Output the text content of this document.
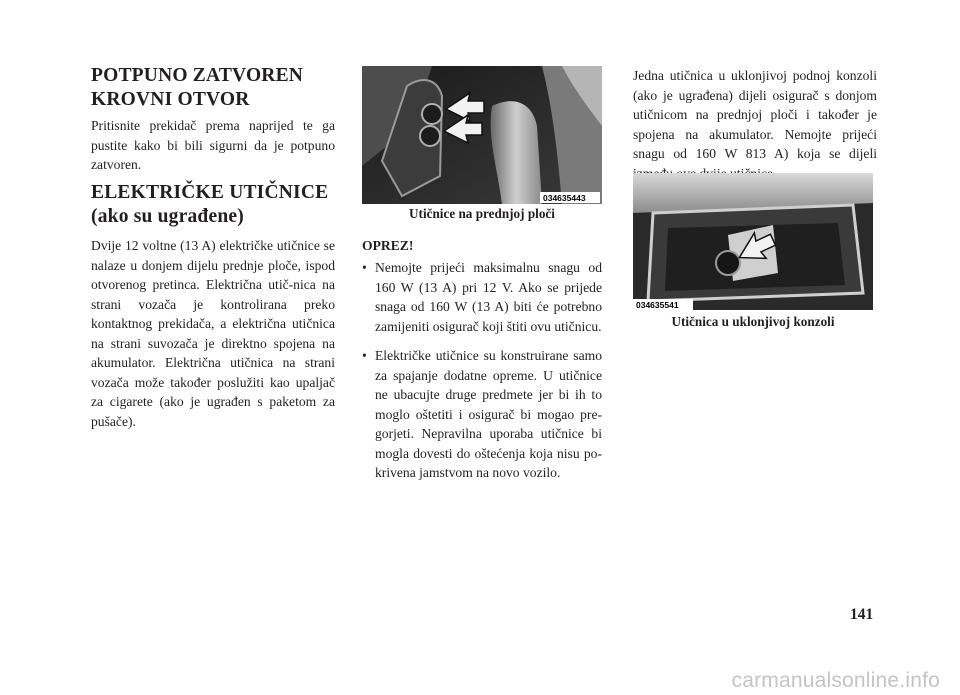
POTPUNO ZATVOREN KROVNI OTVOR

Pritisnite prekidač prema naprijed te ga pustite kako bi bili sigurni da je potpuno zatvoren.

ELEKTRIČKE UTIČNICE (ako su ugrađene)

Dvije 12 voltne (13 A) električke utičnice se nalaze u donjem dijelu prednje ploče, ispod otvorenog pretinca. Električna utič-nica na strani vozača je kontrolirana preko kontaktnog prekidača, a električna utičnica na strani suvozača je direktno spojena na akumulator. Električna utičnica na strani vozača može također poslužiti kao upaljač za cigarete (ako je ugrađen s paketom za pušače).

034635443

Utičnice na prednjoj ploči

OPREZ!

• Nemojte prijeći maksimalnu snagu od 160 W (13 A) pri 12 V. Ako se prijede snaga od 160 W (13 A) biti će potrebno zamijeniti osigurač koji štiti ovu utičnicu.
• Električke utičnice su konstruirane samo za spajanje dodatne opreme. U utičnice ne ubacujte druge predmete jer bi ih to moglo oštetiti i osigurač bi mogao pre-gorjeti. Nepravilna uporaba utičnice bi mogla dovesti do oštećenja koja nisu po-krivena jamstvom na novo vozilo.

Jedna utičnica u uklonjivoj podnoj konzoli (ako je ugrađena) dijeli osigurač s donjom utičnicom na prednjoj ploči i također je spojena na akumulator. Nemojte prijeći snagu od 160 W 813 A) koja se dijeli

034635541

Utičnica u uklonjivoj konzoli

141
carmanualsonline.info
